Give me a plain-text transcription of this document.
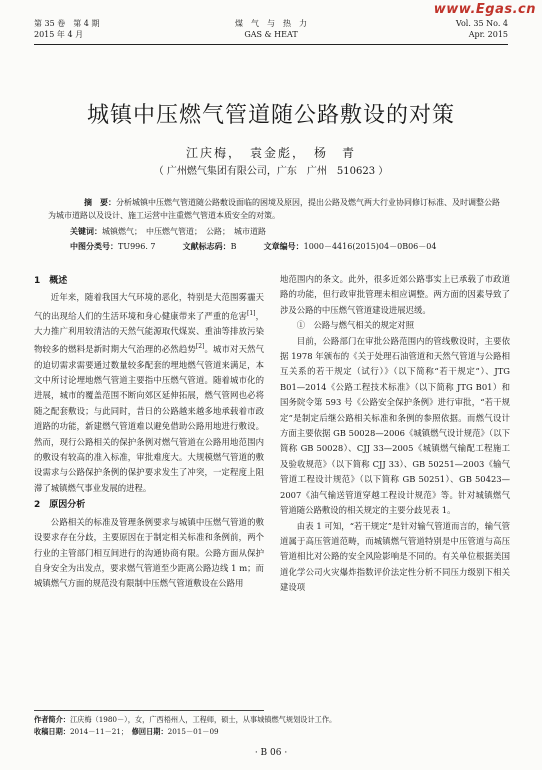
第 35 卷　第 4 期
2015 年 4 月
煤　气　与　热　力
GAS & HEAT
Vol. 35 No. 4
Apr. 2015
www.Egas.cn
城镇中压燃气管道随公路敷设的对策
江庆梅，　袁金彪，　杨　青
（ 广州燃气集团有限公司，广东　广州　510623 ）
摘　要：分析城镇中压燃气管道随公路敷设面临的困境及原因，提出公路及燃气两大行业协同修订标准、及时调整公路为城市道路以及设计、施工运营中注重燃气管道本质安全的对策。
关键词：城镇燃气；　中压燃气管道；　公路；　城市道路
中图分类号：TU996. 7	文献标志码：B	文章编号：1000－4416(2015)04－0B06－04
1　概述

近年来，随着我国大气环境的恶化，特别是大范围雾霾天气的出现给人们的生活环境和身心健康带来了严重的危害[1]，大力推广利用较清洁的天然气能源取代煤炭、重油等排放污染物较多的燃料是新时期大气治理的必然趋势[2]。城市对天然气的迫切需求需要通过数量较多配套的埋地燃气管道来满足，本文中所讨论埋地燃气管道主要指中压燃气管道。随着城市化的进展，城市的覆盖范围不断向郊区延伸拓展，燃气管网也必将随之配套敷设；与此同时，昔日的公路越来越多地承载着市政道路的功能，新建燃气管道难以避免借助公路用地进行敷设。然而，现行公路相关的保护条例对燃气管道在公路用地范围内的敷设有较高的准入标准，审批难度大。大规模燃气管道的敷设需求与公路保护条例的保护要求发生了冲突，一定程度上阻滞了城镇燃气事业发展的进程。

2　原因分析

公路相关的标准及管理条例要求与城镇中压燃气管道的敷设要求存在分歧，主要原因在于制定相关标准和条例前，两个行业的主管部门相互间进行的沟通协商有限。公路方面从保护自身安全为出发点，要求燃气管道至少距离公路边线 1 m；而城镇燃气方面的规范没有限制中压燃气管道敷设在公路用

地范围内的条文。此外，很多近郊公路事实上已承载了市政道路的功能，但行政审批管理未相应调整。两方面的因素导致了涉及公路的中压燃气管道建设进展迟缓。

①　公路与燃气相关的规定对照

目前，公路部门在审批公路范围内的管线敷设时，主要依据 1978 年颁布的《关于处理石油管道和天然气管道与公路相互关系的若干规定（试行）》（以下简称“若干规定”）、JTG B01—2014《公路工程技术标准》（以下简称 JTG B01）和国务院令第 593 号《公路安全保护条例》进行审批，“若干规定”是制定后继公路相关标准和条例的参照依据。而燃气设计方面主要依据 GB 50028—2006《城镇燃气设计规范》（以下简称 GB 50028）、CJJ 33—2005《城镇燃气输配工程施工及验收规范》（以下简称 CJJ 33）、GB 50251—2003《输气管道工程设计规范》（以下简称 GB 50251）、GB 50423—2007《油气输送管道穿越工程设计规范》等。针对城镇燃气管道随公路敷设的相关规定的主要分歧见表 1。

由表 1 可知，“若干规定”是针对输气管道而言的，输气管道属于高压管道范畴，而城镇燃气管道特别是中压管道与高压管道相比对公路的安全风险影响是不同的。有关单位根据美国道化学公司火灾爆炸指数评价法定性分析不同压力级别下相关建设项

作者简介：江庆梅（1980－），女，广西梧州人，工程师，硕士，从事城镇燃气规划设计工作。
收稿日期：2014－11－21；　 修回日期：2015－01－09
· B 06 ·
